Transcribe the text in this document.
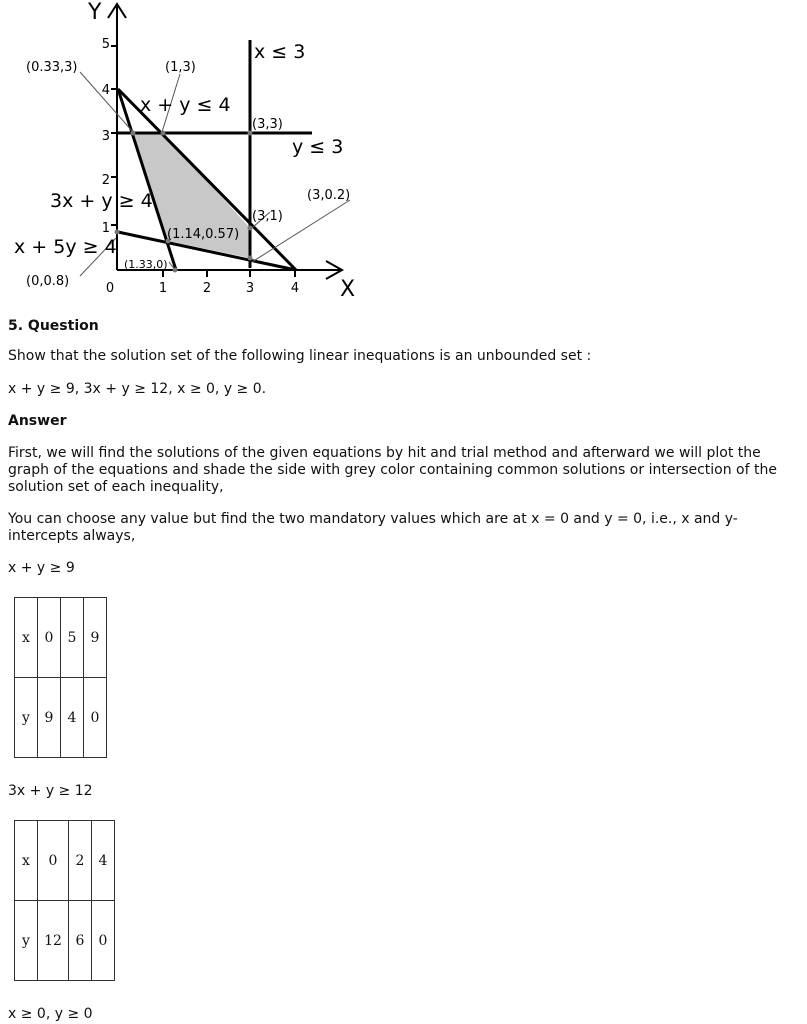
Y
X
5
4
3
2
1
0	1	2	3	4
x ≤ 3
x + y ≤ 4
y ≤ 3
3x + y ≥ 4
x + 5y ≥ 4
(0.33,3)	(1,3)
(3,3)
(3,0.2)
(3,1)
(1.14,0.57)
(0,0.8)
(1.33,0)
5. Question
Show that the solution set of the following linear inequations is an unbounded set :
x + y ≥ 9, 3x + y ≥ 12, x ≥ 0, y ≥ 0.
Answer
First, we will find the solutions of the given equations by hit and trial method and afterward we will plot the graph of the equations and shade the side with grey color containing common solutions or intersection of the solution set of each inequality,
You can choose any value but find the two mandatory values which are at x = 0 and y = 0, i.e., x and y-intercepts always,
x + y ≥ 9
x	0	5	9
y	9	4	0
3x + y ≥ 12
x	0	2	4
y	12	6	0
x ≥ 0, y ≥ 0
